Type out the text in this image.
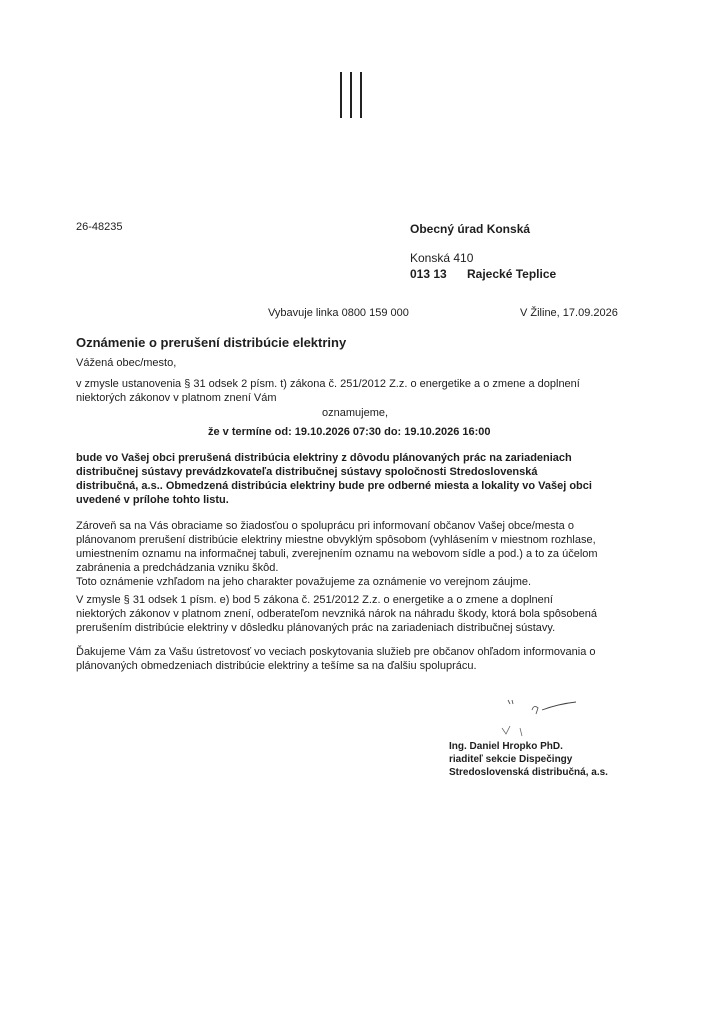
26-48235	Obecný úrad Konská
Konská 410
013 13 Rajecké Teplice
Vybavuje linka 0800 159 000	V Žiline, 17.09.2026
Oznámenie o prerušení distribúcie elektriny
Vážená obec/mesto,
v zmysle ustanovenia § 31 odsek 2 písm. t) zákona č. 251/2012 Z.z. o energetike a o zmene a doplnení
niektorých zákonov v platnom znení Vám
oznamujeme,
že v termíne od: 19.10.2026 07:30 do: 19.10.2026 16:00
bude vo Vašej obci prerušená distribúcia elektriny z dôvodu plánovaných prác na zariadeniach
distribučnej sústavy prevádzkovateľa distribučnej sústavy spoločnosti Stredoslovenská
distribučná, a.s.. Obmedzená distribúcia elektriny bude pre odberné miesta a lokality vo Vašej obci
uvedené v prílohe tohto listu.
Zároveň sa na Vás obraciame so žiadosťou o spoluprácu pri informovaní občanov Vašej obce/mesta o
plánovanom prerušení distribúcie elektriny miestne obvyklým spôsobom (vyhlásením v miestnom rozhlase,
umiestnením oznamu na informačnej tabuli, zverejnením oznamu na webovom sídle a pod.) a to za účelom
zabránenia a predchádzania vzniku škôd.
Toto oznámenie vzhľadom na jeho charakter považujeme za oznámenie vo verejnom záujme.
V zmysle § 31 odsek 1 písm. e) bod 5 zákona č. 251/2012 Z.z. o energetike a o zmene a doplnení
niektorých zákonov v platnom znení, odberateľom nevzniká nárok na náhradu škody, ktorá bola spôsobená
prerušením distribúcie elektriny v dôsledku plánovaných prác na zariadeniach distribučnej sústavy.
Ďakujeme Vám za Vašu ústretovosť vo veciach poskytovania služieb pre občanov ohľadom informovania o
plánovaných obmedzeniach distribúcie elektriny a tešíme sa na ďalšiu spoluprácu.
Ing. Daniel Hropko PhD.
riaditeľ sekcie Dispečingy
Stredoslovenská distribučná, a.s.
